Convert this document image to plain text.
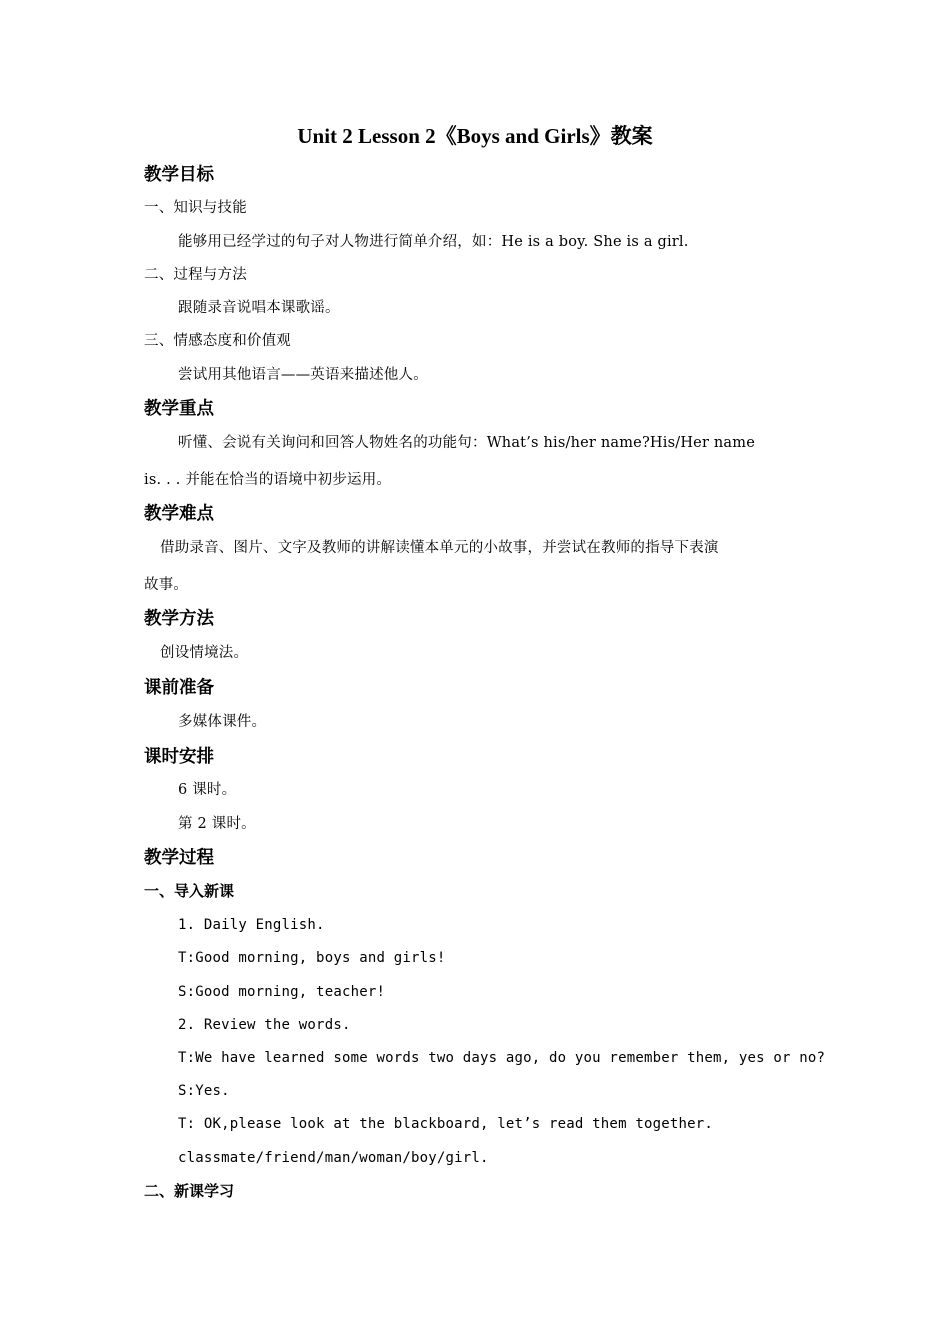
Unit 2 Lesson 2《Boys and Girls》教案
教学目标
一、知识与技能
能够用已经学过的句子对人物进行简单介绍，如：He is a boy. She is a girl.
二、过程与方法
跟随录音说唱本课歌谣。
三、情感态度和价值观
尝试用其他语言——英语来描述他人。
教学重点
听懂、会说有关询问和回答人物姓名的功能句：What’s his/her name?His/Her name
is. . . 并能在恰当的语境中初步运用。
教学难点
借助录音、图片、文字及教师的讲解读懂本单元的小故事，并尝试在教师的指导下表演
故事。
教学方法
创设情境法。
课前准备
多媒体课件。
课时安排
6 课时。
第 2 课时。
教学过程
一、导入新课
1. Daily English.
T:Good morning, boys and girls!
S:Good morning, teacher!
2. Review the words.
T:We have learned some words two days ago, do you remember them, yes or no?
S:Yes.
T: OK,please look at the blackboard, let’s read them together.
classmate/friend/man/woman/boy/girl.
二、新课学习
